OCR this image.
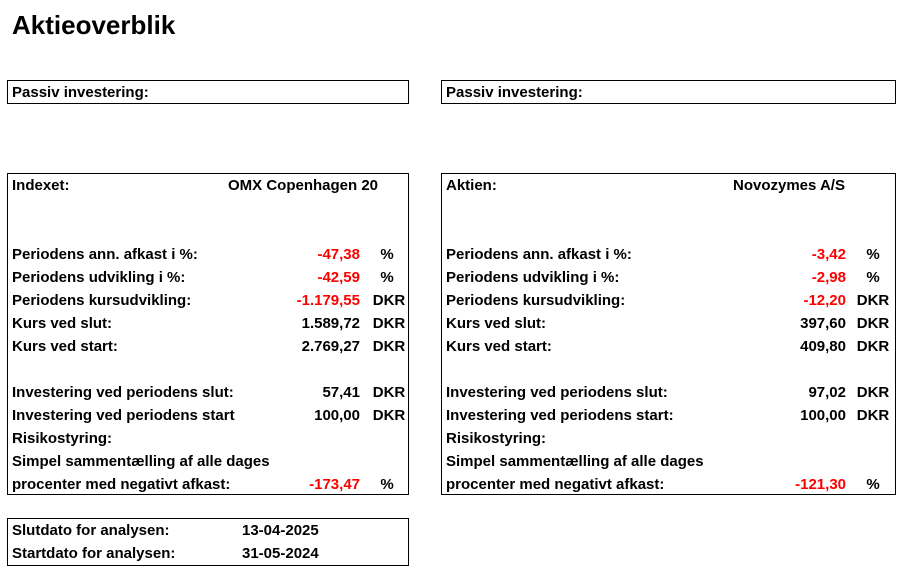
Aktieoverblik
Passiv investering:	Passiv investering:
Indexet:	OMX Copenhagen 20
Periodens ann. afkast i %:	-47,38	%
Periodens udvikling i %:	-42,59	%
Periodens kursudvikling:	-1.179,55 DKR
Kurs ved slut:	1.589,72 DKR
Kurs ved start:	2.769,27 DKR
Investering ved periodens slut:	57,41 DKR
Investering ved periodens start	100,00 DKR
Risikostyring:
Simpel sammentælling af alle dages
procenter med negativt afkast:	-173,47	%
Aktien:	Novozymes A/S
Periodens ann. afkast i %:	-3,42	%
Periodens udvikling i %:	-2,98	%
Periodens kursudvikling:	-12,20 DKR
Kurs ved slut:	397,60 DKR
Kurs ved start:	409,80 DKR
Investering ved periodens slut:	97,02 DKR
Investering ved periodens start:	100,00 DKR
Risikostyring:
Simpel sammentælling af alle dages
procenter med negativt afkast:	-121,30	%
Slutdato for analysen:	13-04-2025
Startdato for analysen:	31-05-2024
